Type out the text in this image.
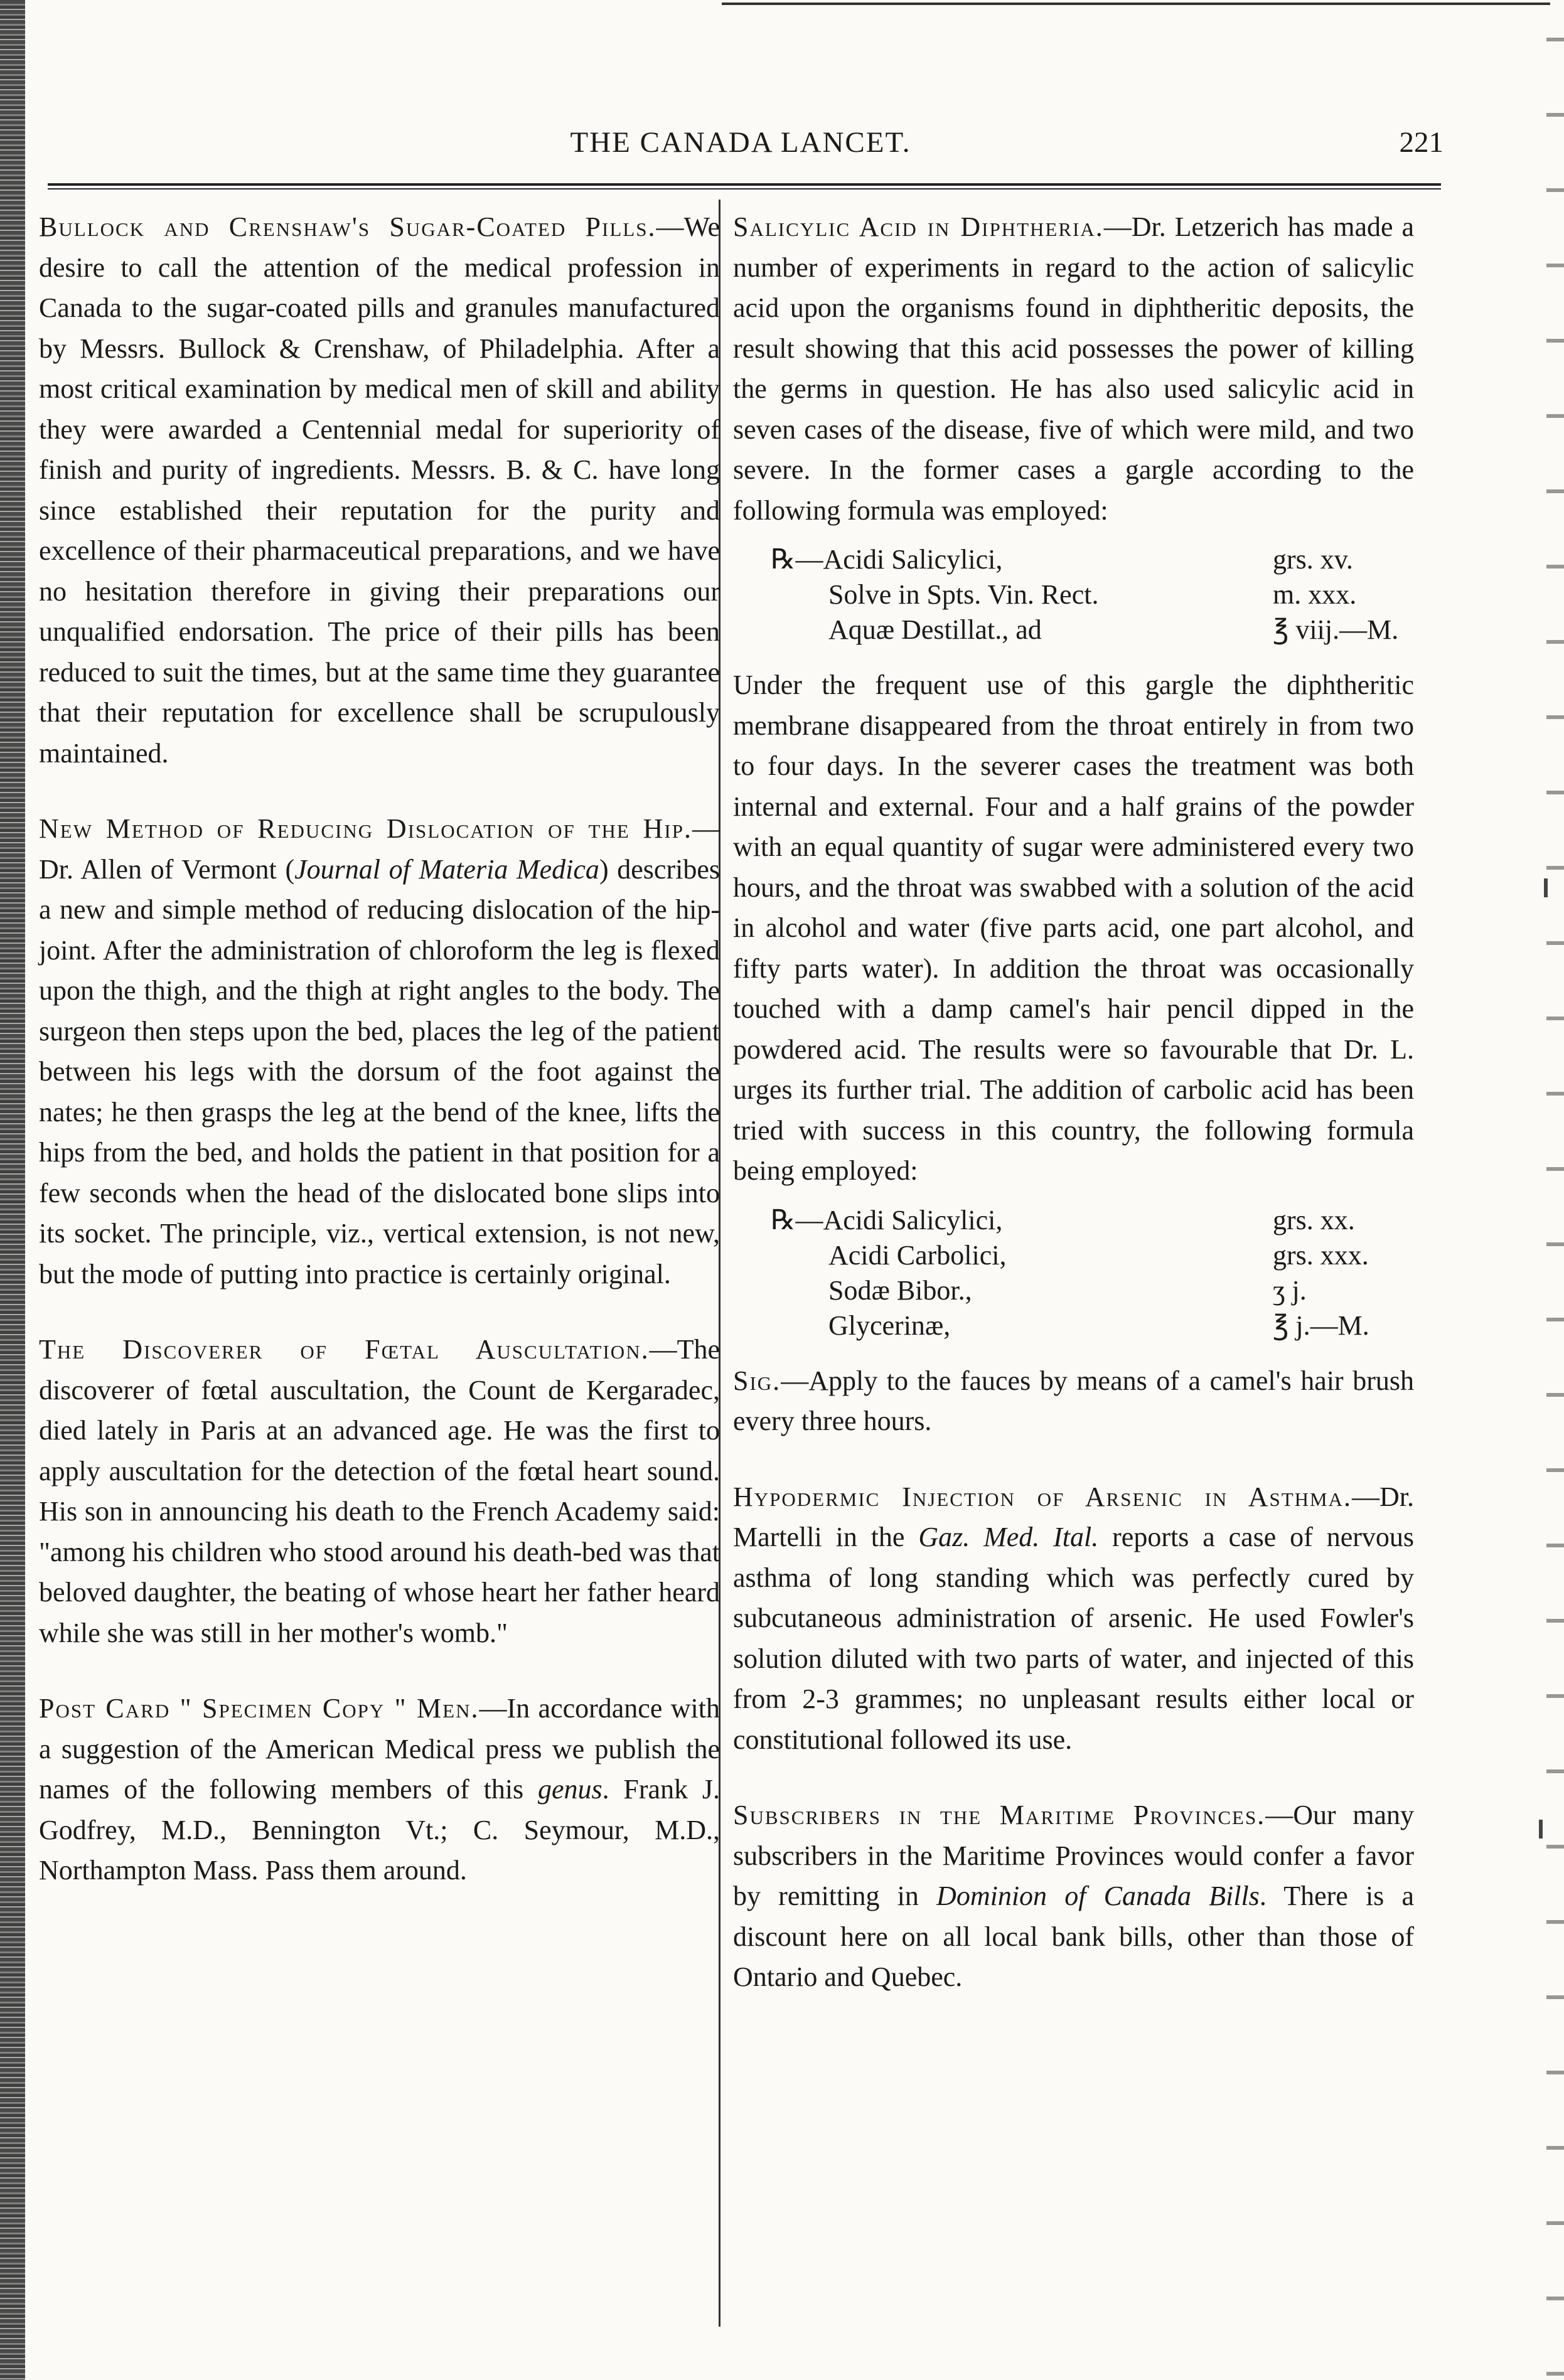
THE CANADA LANCET.	221

Bullock and Crenshaw's Sugar-Coated Pills.—We desire to call the attention of the medical profession in Canada to the sugar-coated pills and granules manufactured by Messrs. Bullock & Crenshaw, of Philadelphia. After a most critical examination by medical men of skill and ability they were awarded a Centennial medal for superiority of finish and purity of ingredients. Messrs. B. & C. have long since established their reputation for the purity and excellence of their pharmaceutical preparations, and we have no hesitation therefore in giving their preparations our unqualified endorsation. The price of their pills has been reduced to suit the times, but at the same time they guarantee that their reputation for excellence shall be scrupulously maintained.

New Method of Reducing Dislocation of the Hip.—Dr. Allen of Vermont (Journal of Materia Medica) describes a new and simple method of reducing dislocation of the hip-joint. After the administration of chloroform the leg is flexed upon the thigh, and the thigh at right angles to the body. The surgeon then steps upon the bed, places the leg of the patient between his legs with the dorsum of the foot against the nates; he then grasps the leg at the bend of the knee, lifts the hips from the bed, and holds the patient in that position for a few seconds when the head of the dislocated bone slips into its socket. The principle, viz., vertical extension, is not new, but the mode of putting into practice is certainly original.

The Discoverer of Fœtal Auscultation.—The discoverer of fœtal auscultation, the Count de Kergaradec, died lately in Paris at an advanced age. He was the first to apply auscultation for the detection of the fœtal heart sound. His son in announcing his death to the French Academy said: "among his children who stood around his death-bed was that beloved daughter, the beating of whose heart her father heard while she was still in her mother's womb."

Post Card " Specimen Copy " Men.—In accordance with a suggestion of the American Medical press we publish the names of the following members of this genus. Frank J. Godfrey, M.D., Bennington Vt.; C. Seymour, M.D., Northampton Mass. Pass them around.

Salicylic Acid in Diphtheria.—Dr. Letzerich has made a number of experiments in regard to the action of salicylic acid upon the organisms found in diphtheritic deposits, the result showing that this acid possesses the power of killing the germs in question. He has also used salicylic acid in seven cases of the disease, five of which were mild, and two severe. In the former cases a gargle according to the following formula was employed:

℞—Acidi Salicylici,	grs. xv.
Solve in Spts. Vin. Rect.	m. xxx.
Aquæ Destillat., ad	℥ viij.—M.

Under the frequent use of this gargle the diphtheritic membrane disappeared from the throat entirely in from two to four days. In the severer cases the treatment was both internal and external. Four and a half grains of the powder with an equal quantity of sugar were administered every two hours, and the throat was swabbed with a solution of the acid in alcohol and water (five parts acid, one part alcohol, and fifty parts water). In addition the throat was occasionally touched with a damp camel's hair pencil dipped in the powdered acid. The results were so favourable that Dr. L. urges its further trial. The addition of carbolic acid has been tried with success in this country, the following formula being employed:

℞—Acidi Salicylici,	grs. xx.
Acidi Carbolici,	grs. xxx.
Sodæ Bibor.,	ʒ j.
Glycerinæ,	℥ j.—M.

Sig.—Apply to the fauces by means of a camel's hair brush every three hours.

Hypodermic Injection of Arsenic in Asthma.—Dr. Martelli in the Gaz. Med. Ital. reports a case of nervous asthma of long standing which was perfectly cured by subcutaneous administration of arsenic. He used Fowler's solution diluted with two parts of water, and injected of this from 2-3 grammes; no unpleasant results either local or constitutional followed its use.

Subscribers in the Maritime Provinces.—Our many subscribers in the Maritime Provinces would confer a favor by remitting in Dominion of Canada Bills. There is a discount here on all local bank bills, other than those of Ontario and Quebec.
